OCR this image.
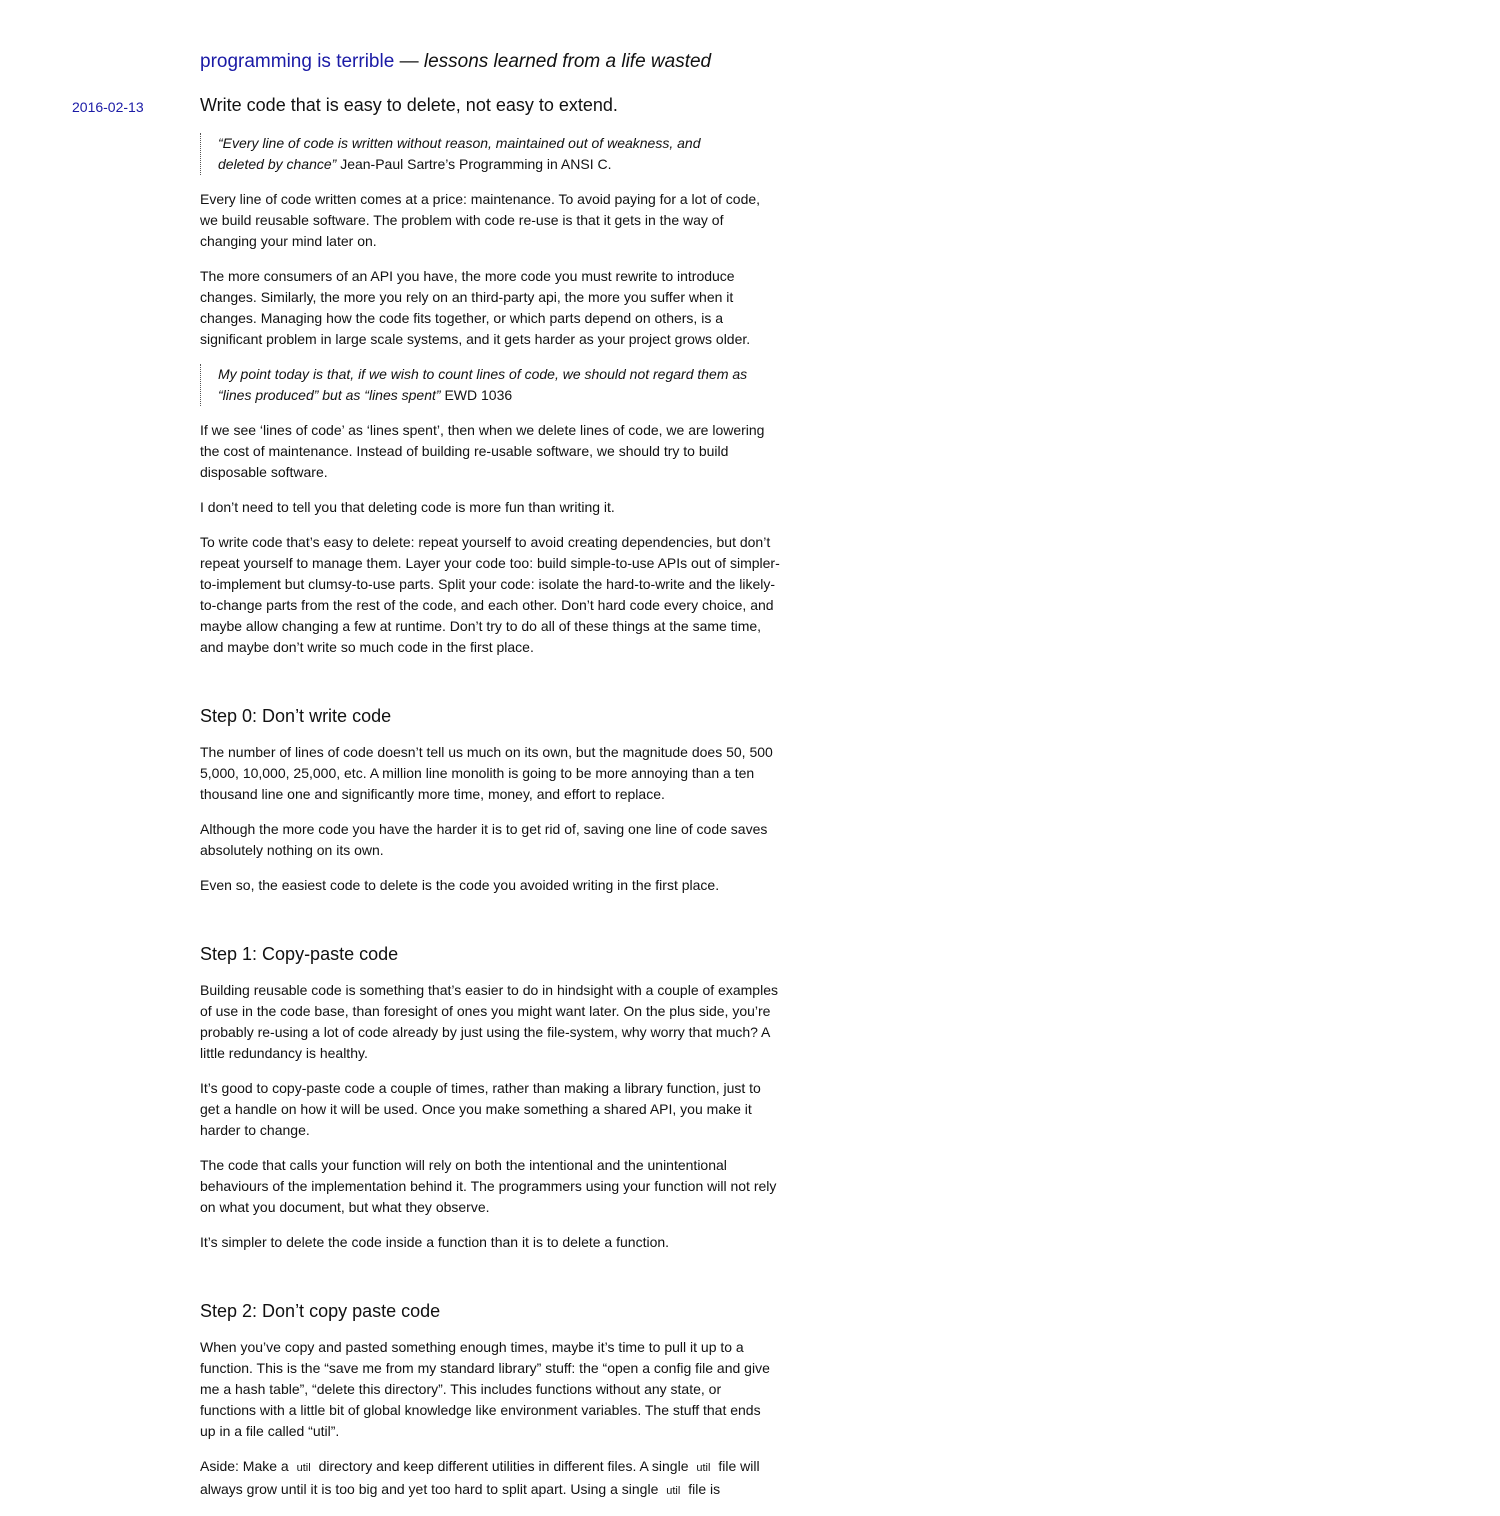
programming is terrible — lessons learned from a life wasted
2016-02-13	Write code that is easy to delete, not easy to extend.
“Every line of code is written without reason, maintained out of weakness, and deleted by chance” Jean-Paul Sartre’s Programming in ANSI C.

Every line of code written comes at a price: maintenance. To avoid paying for a lot of code, we build reusable software. The problem with code re-use is that it gets in the way of changing your mind later on.

The more consumers of an API you have, the more code you must rewrite to introduce changes. Similarly, the more you rely on an third-party api, the more you suffer when it changes. Managing how the code fits together, or which parts depend on others, is a significant problem in large scale systems, and it gets harder as your project grows older.

My point today is that, if we wish to count lines of code, we should not regard them as “lines produced” but as “lines spent” EWD 1036

If we see ‘lines of code’ as ‘lines spent’, then when we delete lines of code, we are lowering the cost of maintenance. Instead of building re-usable software, we should try to build disposable software.

I don’t need to tell you that deleting code is more fun than writing it.

To write code that’s easy to delete: repeat yourself to avoid creating dependencies, but don’t repeat yourself to manage them. Layer your code too: build simple-to-use APIs out of simpler-to-implement but clumsy-to-use parts. Split your code: isolate the hard-to-write and the likely-to-change parts from the rest of the code, and each other. Don’t hard code every choice, and maybe allow changing a few at runtime. Don’t try to do all of these things at the same time, and maybe don’t write so much code in the first place.

Step 0: Don’t write code

The number of lines of code doesn’t tell us much on its own, but the magnitude does 50, 500 5,000, 10,000, 25,000, etc. A million line monolith is going to be more annoying than a ten thousand line one and significantly more time, money, and effort to replace.

Although the more code you have the harder it is to get rid of, saving one line of code saves absolutely nothing on its own.

Even so, the easiest code to delete is the code you avoided writing in the first place.

Step 1: Copy-paste code

Building reusable code is something that’s easier to do in hindsight with a couple of examples of use in the code base, than foresight of ones you might want later. On the plus side, you’re probably re-using a lot of code already by just using the file-system, why worry that much? A little redundancy is healthy.

It’s good to copy-paste code a couple of times, rather than making a library function, just to get a handle on how it will be used. Once you make something a shared API, you make it harder to change.

The code that calls your function will rely on both the intentional and the unintentional behaviours of the implementation behind it. The programmers using your function will not rely on what you document, but what they observe.

It’s simpler to delete the code inside a function than it is to delete a function.

Step 2: Don’t copy paste code

When you’ve copy and pasted something enough times, maybe it’s time to pull it up to a function. This is the “save me from my standard library” stuff: the “open a config file and give me a hash table”, “delete this directory”. This includes functions without any state, or functions with a little bit of global knowledge like environment variables. The stuff that ends up in a file called “util”.

Aside: Make a util directory and keep different utilities in different files. A single util file will always grow until it is too big and yet too hard to split apart. Using a single util file is
